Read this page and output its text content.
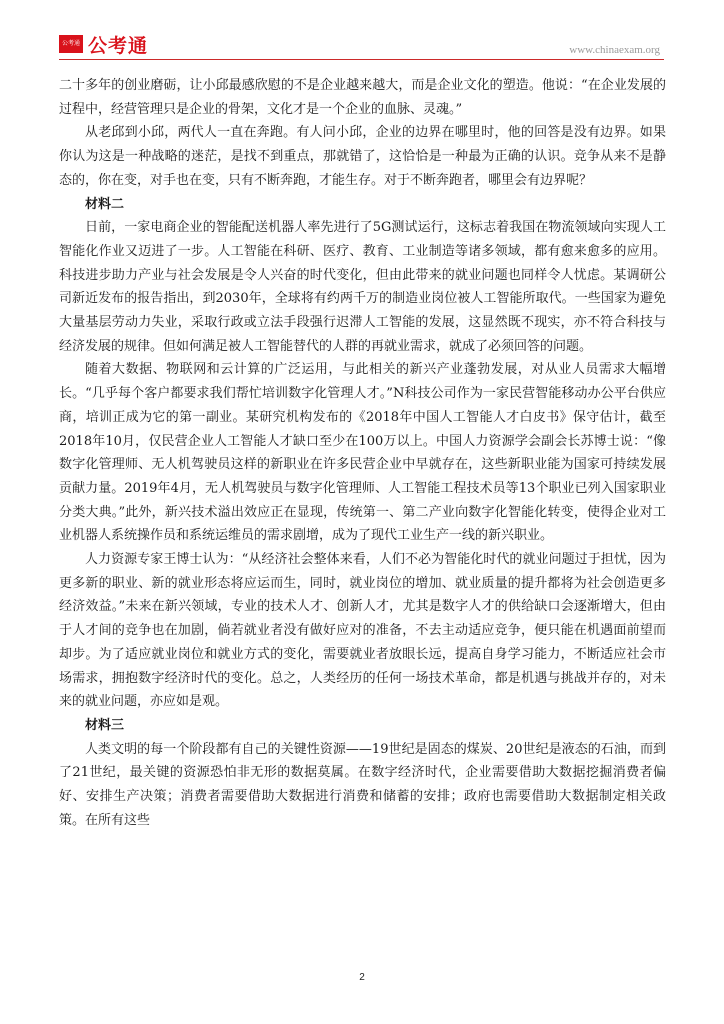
公考通 公考通	www.chinaexam.org

二十多年的创业磨砺，让小邱最感欣慰的不是企业越来越大，而是企业文化的塑造。他说：“在企业发展的过程中，经营管理只是企业的骨架，文化才是一个企业的血脉、灵魂。”

从老邱到小邱，两代人一直在奔跑。有人问小邱，企业的边界在哪里时，他的回答是没有边界。如果你认为这是一种战略的迷茫，是找不到重点，那就错了，这恰恰是一种最为正确的认识。竞争从来不是静态的，你在变，对手也在变，只有不断奔跑，才能生存。对于不断奔跑者，哪里会有边界呢？

材料二

日前，一家电商企业的智能配送机器人率先进行了5G测试运行，这标志着我国在物流领域向实现人工智能化作业又迈进了一步。人工智能在科研、医疗、教育、工业制造等诸多领域，都有愈来愈多的应用。科技进步助力产业与社会发展是令人兴奋的时代变化，但由此带来的就业问题也同样令人忧虑。某调研公司新近发布的报告指出，到2030年，全球将有约两千万的制造业岗位被人工智能所取代。一些国家为避免大量基层劳动力失业，采取行政或立法手段强行迟滞人工智能的发展，这显然既不现实，亦不符合科技与经济发展的规律。但如何满足被人工智能替代的人群的再就业需求，就成了必须回答的问题。

随着大数据、物联网和云计算的广泛运用，与此相关的新兴产业蓬勃发展，对从业人员需求大幅增长。“几乎每个客户都要求我们帮忙培训数字化管理人才。”N科技公司作为一家民营智能移动办公平台供应商，培训正成为它的第一副业。某研究机构发布的《2018年中国人工智能人才白皮书》保守估计，截至2018年10月，仅民营企业人工智能人才缺口至少在100万以上。中国人力资源学会副会长苏博士说：“像数字化管理师、无人机驾驶员这样的新职业在许多民营企业中早就存在，这些新职业能为国家可持续发展贡献力量。2019年4月，无人机驾驶员与数字化管理师、人工智能工程技术员等13个职业已列入国家职业分类大典。”此外，新兴技术溢出效应正在显现，传统第一、第二产业向数字化智能化转变，使得企业对工业机器人系统操作员和系统运维员的需求剧增，成为了现代工业生产一线的新兴职业。

人力资源专家王博士认为：“从经济社会整体来看，人们不必为智能化时代的就业问题过于担忧，因为更多新的职业、新的就业形态将应运而生，同时，就业岗位的增加、就业质量的提升都将为社会创造更多经济效益。”未来在新兴领域，专业的技术人才、创新人才，尤其是数字人才的供给缺口会逐渐增大，但由于人才间的竞争也在加剧，倘若就业者没有做好应对的准备，不去主动适应竞争，便只能在机遇面前望而却步。为了适应就业岗位和就业方式的变化，需要就业者放眼长远，提高自身学习能力，不断适应社会市场需求，拥抱数字经济时代的变化。总之，人类经历的任何一场技术革命，都是机遇与挑战并存的，对未来的就业问题，亦应如是观。

材料三

人类文明的每一个阶段都有自己的关键性资源——19世纪是固态的煤炭、20世纪是液态的石油，而到了21世纪，最关键的资源恐怕非无形的数据莫属。在数字经济时代，企业需要借助大数据挖掘消费者偏好、安排生产决策；消费者需要借助大数据进行消费和储蓄的安排；政府也需要借助大数据制定相关政策。在所有这些

2
